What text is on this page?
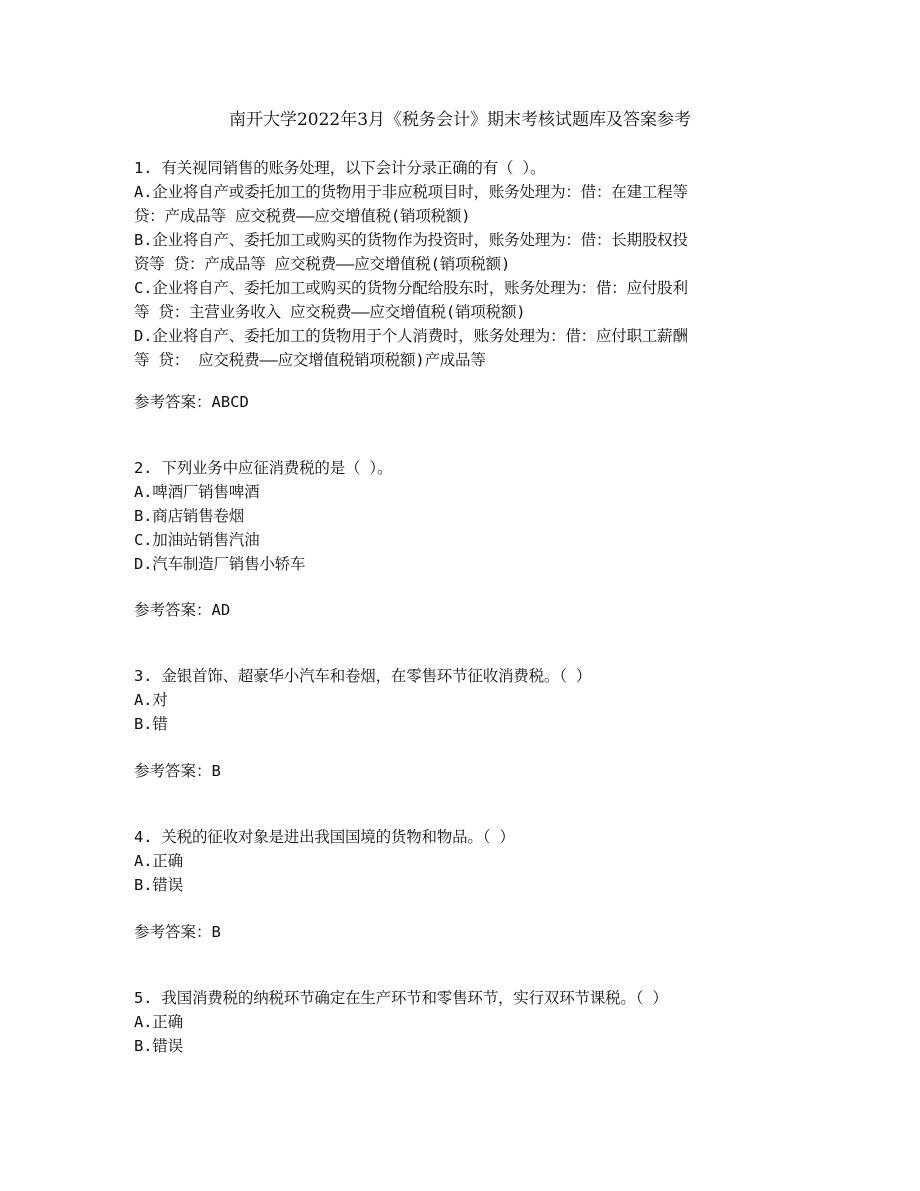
南开大学2022年3月《税务会计》期末考核试题库及答案参考
1. 有关视同销售的账务处理，以下会计分录正确的有（ ）。
A.企业将自产或委托加工的货物用于非应税项目时，账务处理为：借：在建工程等
贷：产成品等 应交税费——应交增值税(销项税额)
B.企业将自产、委托加工或购买的货物作为投资时，账务处理为：借：长期股权投
资等 贷：产成品等 应交税费——应交增值税(销项税额)
C.企业将自产、委托加工或购买的货物分配给股东时，账务处理为：借：应付股利
等 贷：主营业务收入 应交税费——应交增值税(销项税额)
D.企业将自产、委托加工的货物用于个人消费时，账务处理为：借：应付职工薪酬
等 贷： 应交税费——应交增值税销项税额)产成品等
参考答案：ABCD
2. 下列业务中应征消费税的是（ ）。
A.啤酒厂销售啤酒
B.商店销售卷烟
C.加油站销售汽油
D.汽车制造厂销售小轿车
参考答案：AD
3. 金银首饰、超豪华小汽车和卷烟，在零售环节征收消费税。（ ）
A.对
B.错
参考答案：B
4. 关税的征收对象是进出我国国境的货物和物品。（ ）
A.正确
B.错误
参考答案：B
5. 我国消费税的纳税环节确定在生产环节和零售环节，实行双环节课税。（ ）
A.正确
B.错误
